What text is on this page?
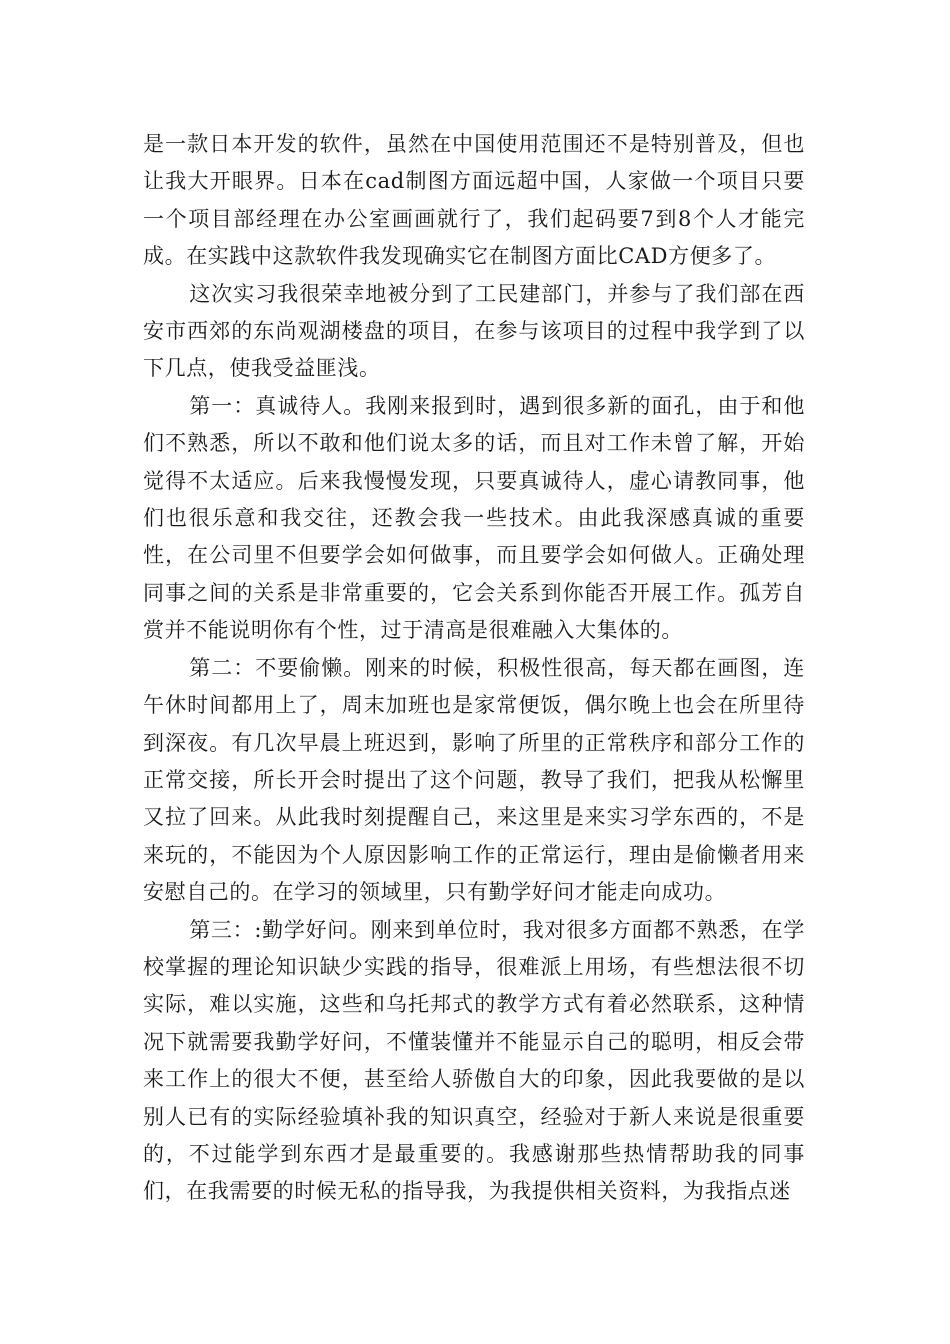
是一款日本开发的软件，虽然在中国使用范围还不是特别普及，但也让我大开眼界。日本在cad制图方面远超中国，人家做一个项目只要一个项目部经理在办公室画画就行了，我们起码要7到8个人才能完成。在实践中这款软件我发现确实它在制图方面比CAD方便多了。

这次实习我很荣幸地被分到了工民建部门，并参与了我们部在西安市西郊的东尚观湖楼盘的项目，在参与该项目的过程中我学到了以下几点，使我受益匪浅。

第一：真诚待人。我刚来报到时，遇到很多新的面孔，由于和他们不熟悉，所以不敢和他们说太多的话，而且对工作未曾了解，开始觉得不太适应。后来我慢慢发现，只要真诚待人，虚心请教同事，他们也很乐意和我交往，还教会我一些技术。由此我深感真诚的重要性，在公司里不但要学会如何做事，而且要学会如何做人。正确处理同事之间的关系是非常重要的，它会关系到你能否开展工作。孤芳自赏并不能说明你有个性，过于清高是很难融入大集体的。

第二：不要偷懒。刚来的时候，积极性很高，每天都在画图，连午休时间都用上了，周末加班也是家常便饭，偶尔晚上也会在所里待到深夜。有几次早晨上班迟到，影响了所里的正常秩序和部分工作的正常交接，所长开会时提出了这个问题，教导了我们，把我从松懈里又拉了回来。从此我时刻提醒自己，来这里是来实习学东西的，不是来玩的，不能因为个人原因影响工作的正常运行，理由是偷懒者用来安慰自己的。在学习的领域里，只有勤学好问才能走向成功。

第三：:勤学好问。刚来到单位时，我对很多方面都不熟悉，在学校掌握的理论知识缺少实践的指导，很难派上用场，有些想法很不切实际，难以实施，这些和乌托邦式的教学方式有着必然联系，这种情况下就需要我勤学好问，不懂装懂并不能显示自己的聪明，相反会带来工作上的很大不便，甚至给人骄傲自大的印象，因此我要做的是以别人已有的实际经验填补我的知识真空，经验对于新人来说是很重要的，不过能学到东西才是最重要的。我感谢那些热情帮助我的同事们，在我需要的时候无私的指导我，为我提供相关资料，为我指点迷
